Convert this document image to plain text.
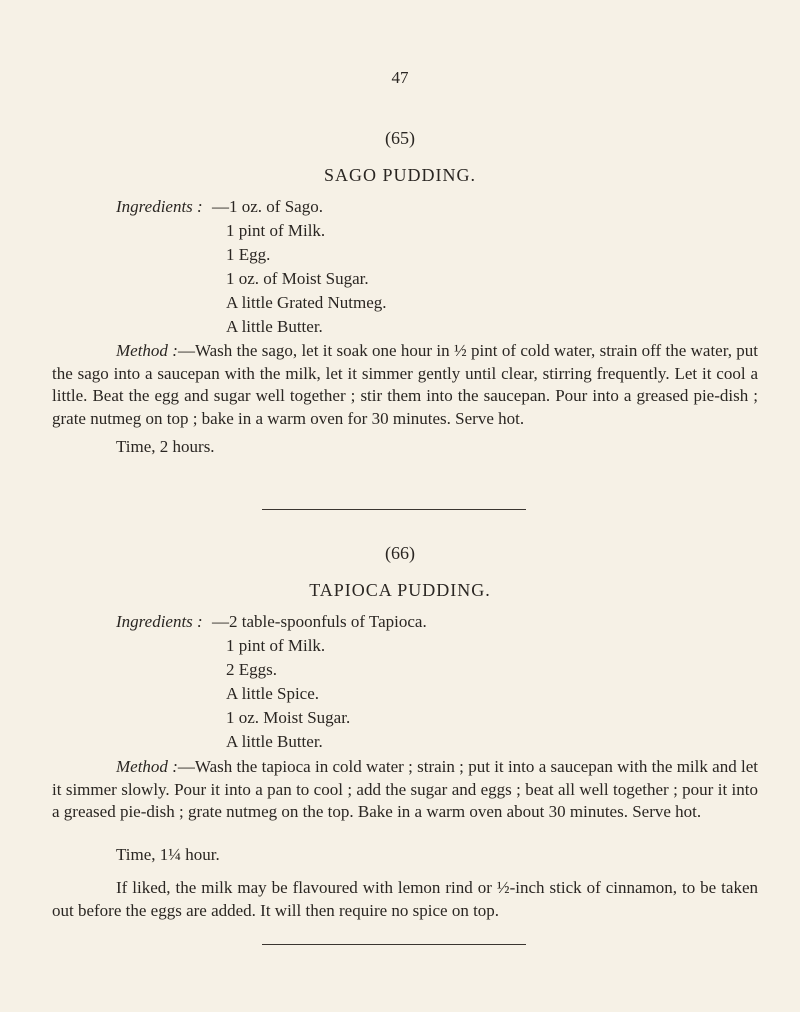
47
(65)
SAGO PUDDING.
Ingredients : —1 oz. of Sago.
1 pint of Milk.
1 Egg.
1 oz. of Moist Sugar.
A little Grated Nutmeg.
A little Butter.

Method :—Wash the sago, let it soak one hour in ½ pint of cold water, strain off the water, put the sago into a saucepan with the milk, let it simmer gently until clear, stirring frequently. Let it cool a little. Beat the egg and sugar well together ; stir them into the saucepan. Pour into a greased pie-dish ; grate nutmeg on top ; bake in a warm oven for 30 minutes. Serve hot.

Time, 2 hours.
(66)
TAPIOCA PUDDING.
Ingredients : —2 table-spoonfuls of Tapioca.
1 pint of Milk.
2 Eggs.
A little Spice.
1 oz. Moist Sugar.
A little Butter.

Method :—Wash the tapioca in cold water ; strain ; put it into a saucepan with the milk and let it simmer slowly. Pour it into a pan to cool ; add the sugar and eggs ; beat all well together ; pour it into a greased pie-dish ; grate nutmeg on the top. Bake in a warm oven about 30 minutes. Serve hot.

Time, 1¼ hour.

If liked, the milk may be flavoured with lemon rind or ½-inch stick of cinnamon, to be taken out before the eggs are added. It will then require no spice on top.
